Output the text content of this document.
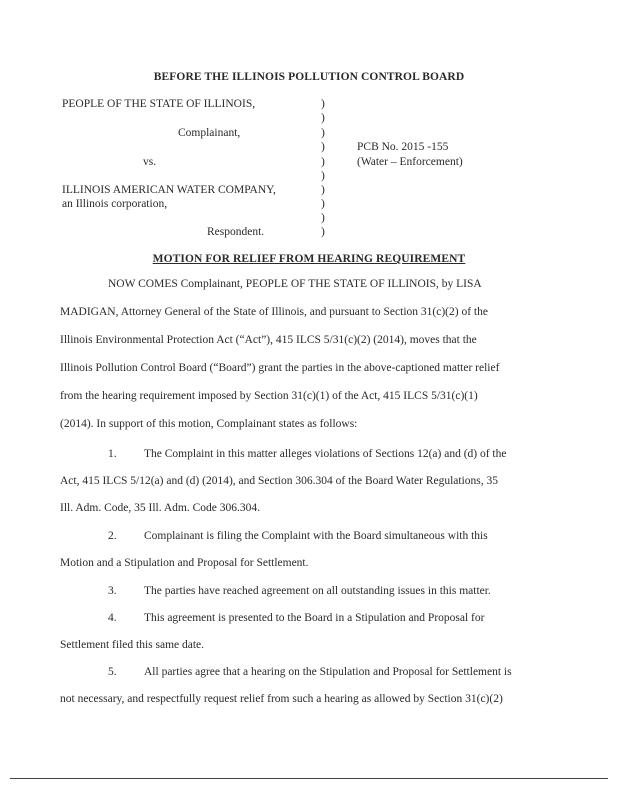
BEFORE THE ILLINOIS POLLUTION CONTROL BOARD
PEOPLE OF THE STATE OF ILLINOIS,
Complainant,
vs.
ILLINOIS AMERICAN WATER COMPANY,
an Illinois corporation,
Respondent.
)
)
)
)
)
)
)
)
)
)
PCB No. 2015 -155
(Water – Enforcement)
MOTION FOR RELIEF FROM HEARING REQUIREMENT
NOW COMES Complainant, PEOPLE OF THE STATE OF ILLINOIS, by LISA
MADIGAN, Attorney General of the State of Illinois, and pursuant to Section 31(c)(2) of the
Illinois Environmental Protection Act (“Act”), 415 ILCS 5/31(c)(2) (2014), moves that the
Illinois Pollution Control Board (“Board”) grant the parties in the above-captioned matter relief
from the hearing requirement imposed by Section 31(c)(1) of the Act, 415 ILCS 5/31(c)(1)
(2014). In support of this motion, Complainant states as follows:
1. The Complaint in this matter alleges violations of Sections 12(a) and (d) of the
Act, 415 ILCS 5/12(a) and (d) (2014), and Section 306.304 of the Board Water Regulations, 35
Ill. Adm. Code, 35 Ill. Adm. Code 306.304.
2. Complainant is filing the Complaint with the Board simultaneous with this
Motion and a Stipulation and Proposal for Settlement.
3. The parties have reached agreement on all outstanding issues in this matter.
4. This agreement is presented to the Board in a Stipulation and Proposal for
Settlement filed this same date.
5. All parties agree that a hearing on the Stipulation and Proposal for Settlement is
not necessary, and respectfully request relief from such a hearing as allowed by Section 31(c)(2)
